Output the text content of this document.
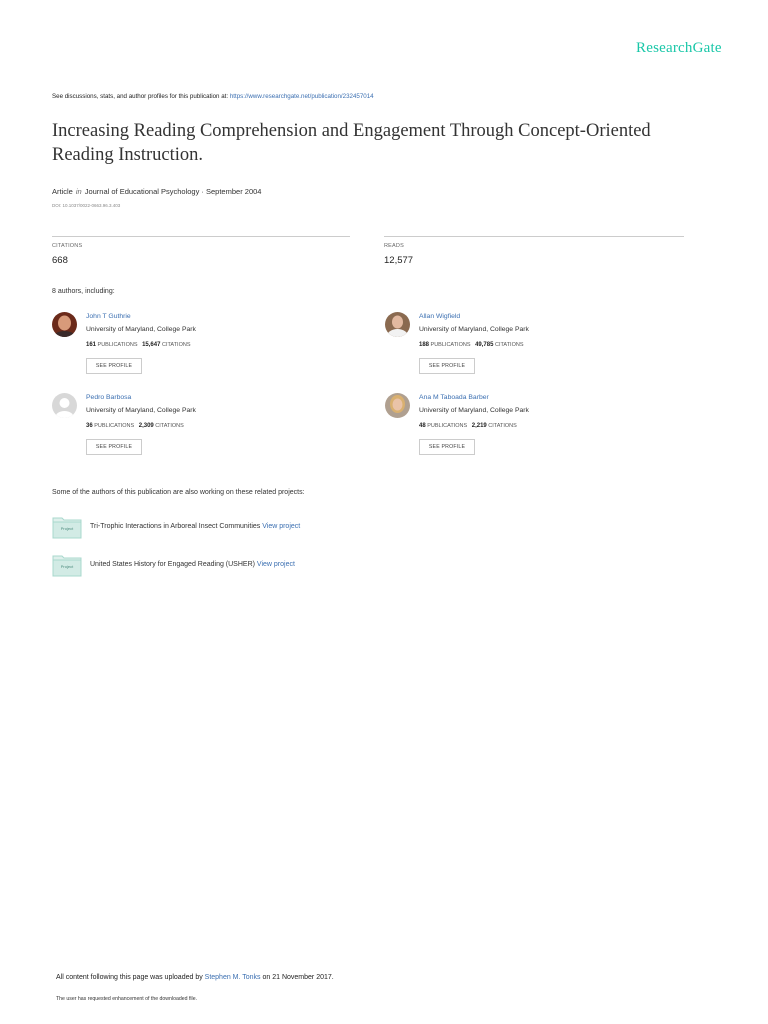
ResearchGate
See discussions, stats, and author profiles for this publication at: https://www.researchgate.net/publication/232457014
Increasing Reading Comprehension and Engagement Through Concept-Oriented Reading Instruction.
Article in Journal of Educational Psychology · September 2004
DOI: 10.1037/0022-0663.96.3.403
CITATIONS
668
READS
12,577
8 authors, including:
John T Guthrie
University of Maryland, College Park
161 PUBLICATIONS 15,647 CITATIONS
SEE PROFILE
Allan Wigfield
University of Maryland, College Park
188 PUBLICATIONS 49,785 CITATIONS
SEE PROFILE
Pedro Barbosa
University of Maryland, College Park
36 PUBLICATIONS 2,309 CITATIONS
SEE PROFILE
Ana M Taboada Barber
University of Maryland, College Park
48 PUBLICATIONS 2,219 CITATIONS
SEE PROFILE
Some of the authors of this publication are also working on these related projects:
Project	Tri-Trophic Interactions in Arboreal Insect Communities View project
Project	United States History for Engaged Reading (USHER) View project
All content following this page was uploaded by Stephen M. Tonks on 21 November 2017.
The user has requested enhancement of the downloaded file.
